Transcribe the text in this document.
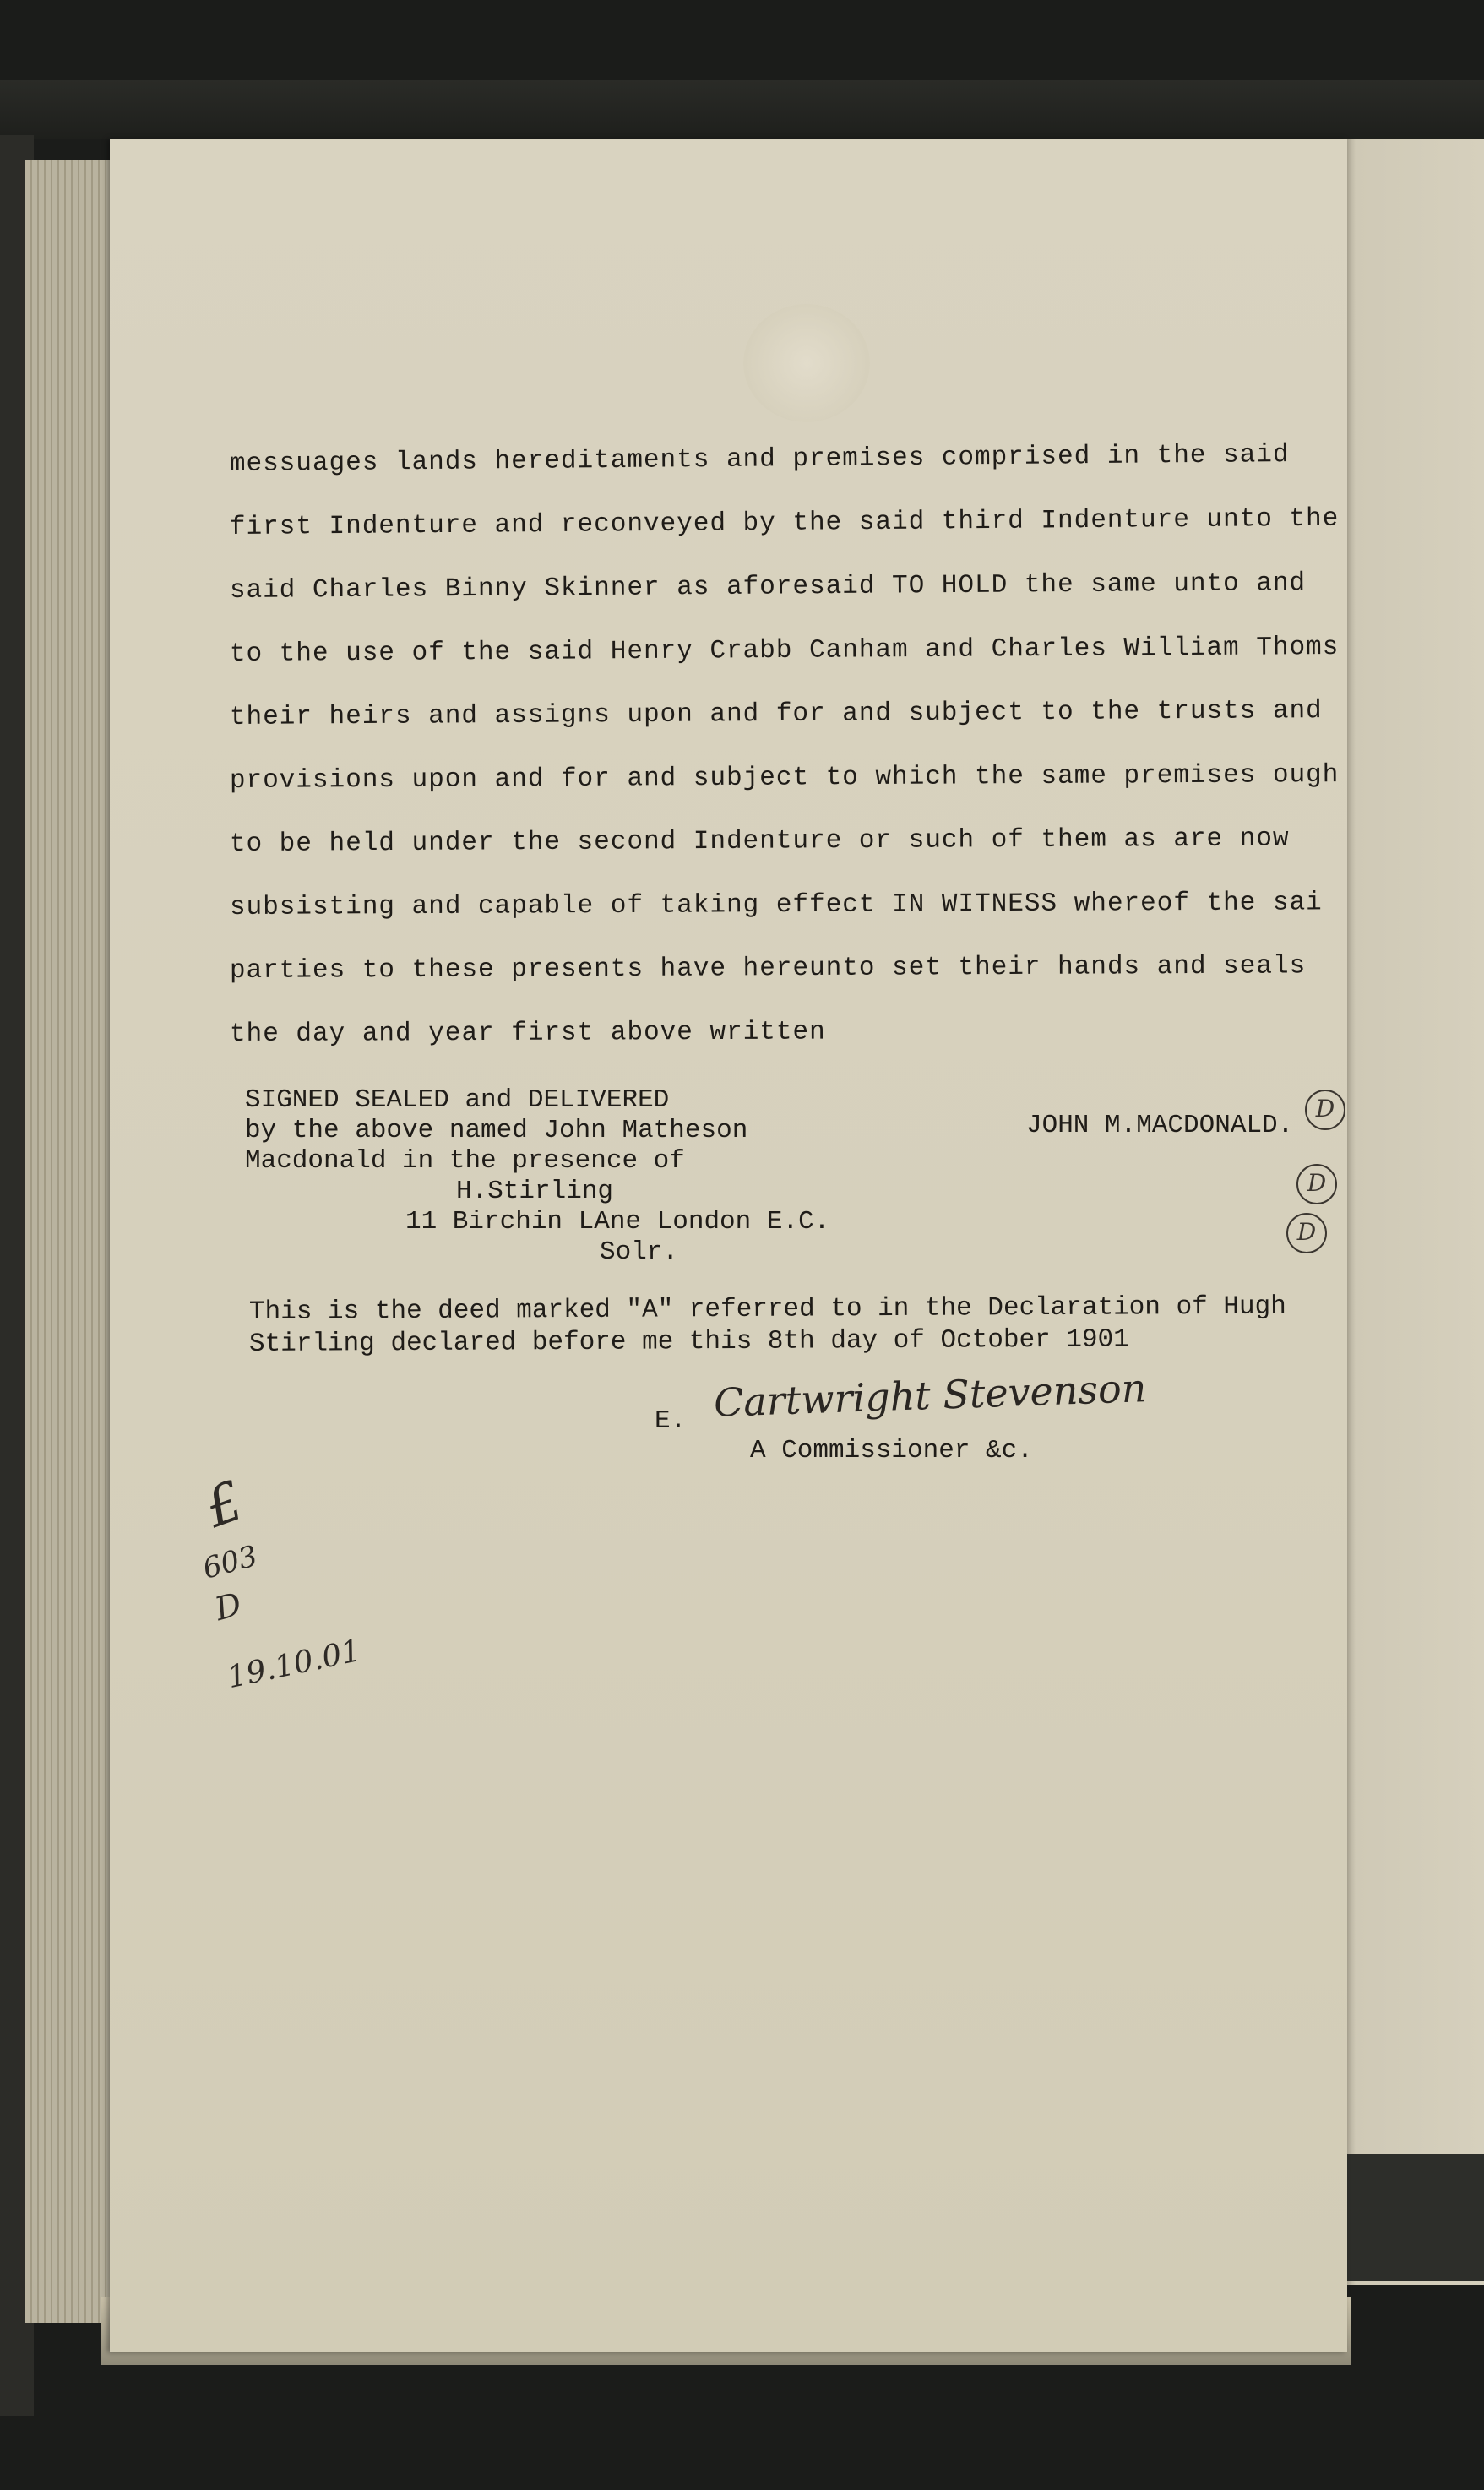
messuages lands hereditaments and premises comprised in the said
first Indenture and reconveyed by the said third Indenture unto the
said Charles Binny Skinner as aforesaid TO HOLD the same unto and
to the use of the said Henry Crabb Canham and Charles William Thoms
their heirs and assigns upon and for and subject to the trusts and
provisions upon and for and subject to which the same premises ough
to be held under the second Indenture or such of them as are now
subsisting and capable of taking effect IN WITNESS whereof the sai
parties to these presents have hereunto set their hands and seals
the day and year first above written
SIGNED SEALED and DELIVERED
by the above named John Matheson
Macdonald in the presence of
H.Stirling
11 Birchin LAne London E.C.
Solr.
JOHN M.MACDONALD.
D
D
D
This is the deed marked "A" referred to in the Declaration of Hugh
Stirling declared before me this 8th day of October 1901
E. Cartwright Stevenson
A Commissioner &c.
£
603
D
19.10.01
